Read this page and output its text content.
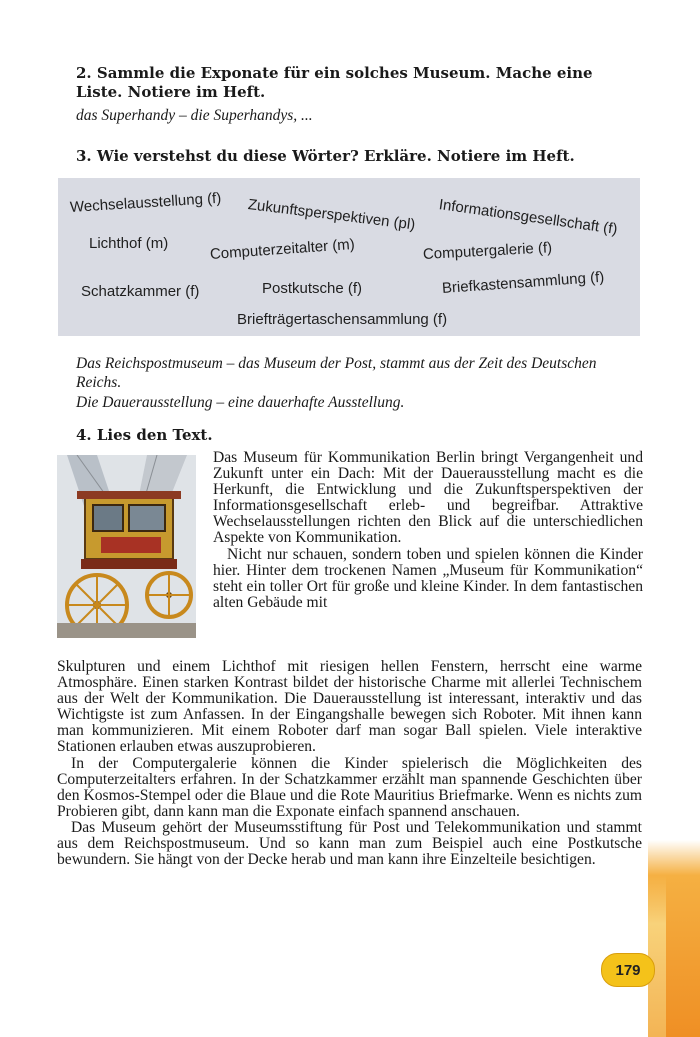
2. Sammle die Exponate für ein solches Museum. Mache eine Liste. Notiere im Heft.
das Superhandy – die Superhandys, ...
3. Wie verstehst du diese Wörter? Erkläre. Notiere im Heft.
Wechselausstellung (f) Zukunftsperspektiven (pl) Informationsgesellschaft (f)
Lichthof (m)	Computerzeitalter (m)	Computergalerie (f)
Schatzkammer (f)	Postkutsche (f)	Briefkastensammlung (f)
Briefträgertaschensammlung (f)
Das Reichspostmuseum – das Museum der Post, stammt aus der Zeit des Deutschen Reichs.
Die Dauerausstellung – eine dauerhafte Ausstellung.
4. Lies den Text.

Das Museum für Kommunikation Berlin bringt Vergangenheit und Zukunft unter ein Dach: Mit der Dauerausstellung macht es die Herkunft, die Entwicklung und die Zukunftsperspektiven der Informationsgesellschaft erleb- und begreifbar. Attraktive Wechselausstellungen richten den Blick auf die unterschiedlichen Aspekte von Kommunikation.

Nicht nur schauen, sondern toben und spielen können die Kinder hier. Hinter dem trockenen Namen „Museum für Kommunikation“ steht ein toller Ort für große und kleine Kinder. In dem fantastischen alten Gebäude mit

Skulpturen und einem Lichthof mit riesigen hellen Fenstern, herrscht eine warme Atmosphäre. Einen starken Kontrast bildet der historische Charme mit allerlei Technischem aus der Welt der Kommunikation. Die Dauerausstellung ist interessant, interaktiv und das Wichtigste ist zum Anfassen. In der Eingangshalle bewegen sich Roboter. Mit ihnen kann man kommunizieren. Mit einem Roboter darf man sogar Ball spielen. Viele interaktive Stationen erlauben etwas auszuprobieren.

In der Computergalerie können die Kinder spielerisch die Möglichkeiten des Computerzeitalters erfahren. In der Schatzkammer erzählt man spannende Geschichten über den Kosmos-Stempel oder die Blaue und die Rote Mauritius Briefmarke. Wenn es nichts zum Probieren gibt, dann kann man die Exponate einfach spannend anschauen.

Das Museum gehört der Museumsstiftung für Post und Telekommunikation und stammt aus dem Reichspostmuseum. Und so kann man zum Beispiel auch eine Postkutsche bewundern. Sie hängt von der Decke herab und man kann ihre Einzelteile besichtigen.

179
